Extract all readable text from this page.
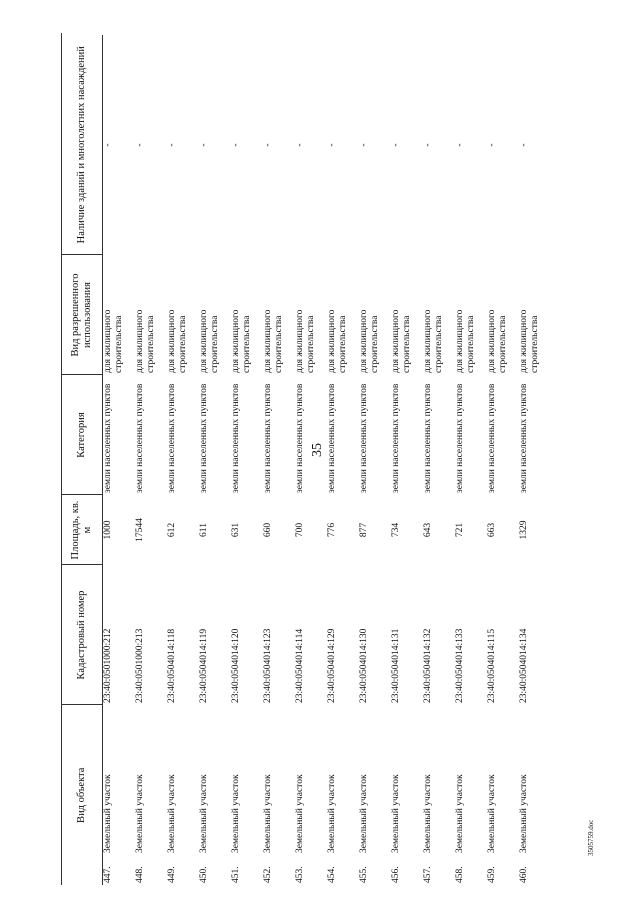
35
3505759.doc
Вид объекта	Кадастровый номер	Площадь, кв. м	Категория	Вид разрешенного использования	Наличие зданий и многолетних насаждений
447.Земельный участок	23:40:0501000:212	1000	земли населенных пунктов	для жилищного строительства	-
448.Земельный участок	23:40:0501000:213	17544	земли населенных пунктов	для жилищного строительства	-
449.Земельный участок	23:40:0504014:118	612	земли населенных пунктов	для жилищного строительства	-
450.Земельный участок	23:40:0504014:119	611	земли населенных пунктов	для жилищного строительства	-
451.Земельный участок	23:40:0504014:120	631	земли населенных пунктов	для жилищного строительства	-
452.Земельный участок	23:40:0504014:123	660	земли населенных пунктов	для жилищного строительства	-
453.Земельный участок	23:40:0504014:114	700	земли населенных пунктов	для жилищного строительства	-
454.Земельный участок	23:40:0504014:129	776	земли населенных пунктов	для жилищного строительства	-
455.Земельный участок	23:40:0504014:130	877	земли населенных пунктов	для жилищного строительства	-
456.Земельный участок	23:40:0504014:131	734	земли населенных пунктов	для жилищного строительства	-
457.Земельный участок	23:40:0504014:132	643	земли населенных пунктов	для жилищного строительства	-
458.Земельный участок	23:40:0504014:133	721	земли населенных пунктов	для жилищного строительства	-
459.Земельный участок	23:40:0504014:115	663	земли населенных пунктов	для жилищного строительства	-
460.Земельный участок	23:40:0504014:134	1329	земли населенных пунктов	для жилищного строительства	-
